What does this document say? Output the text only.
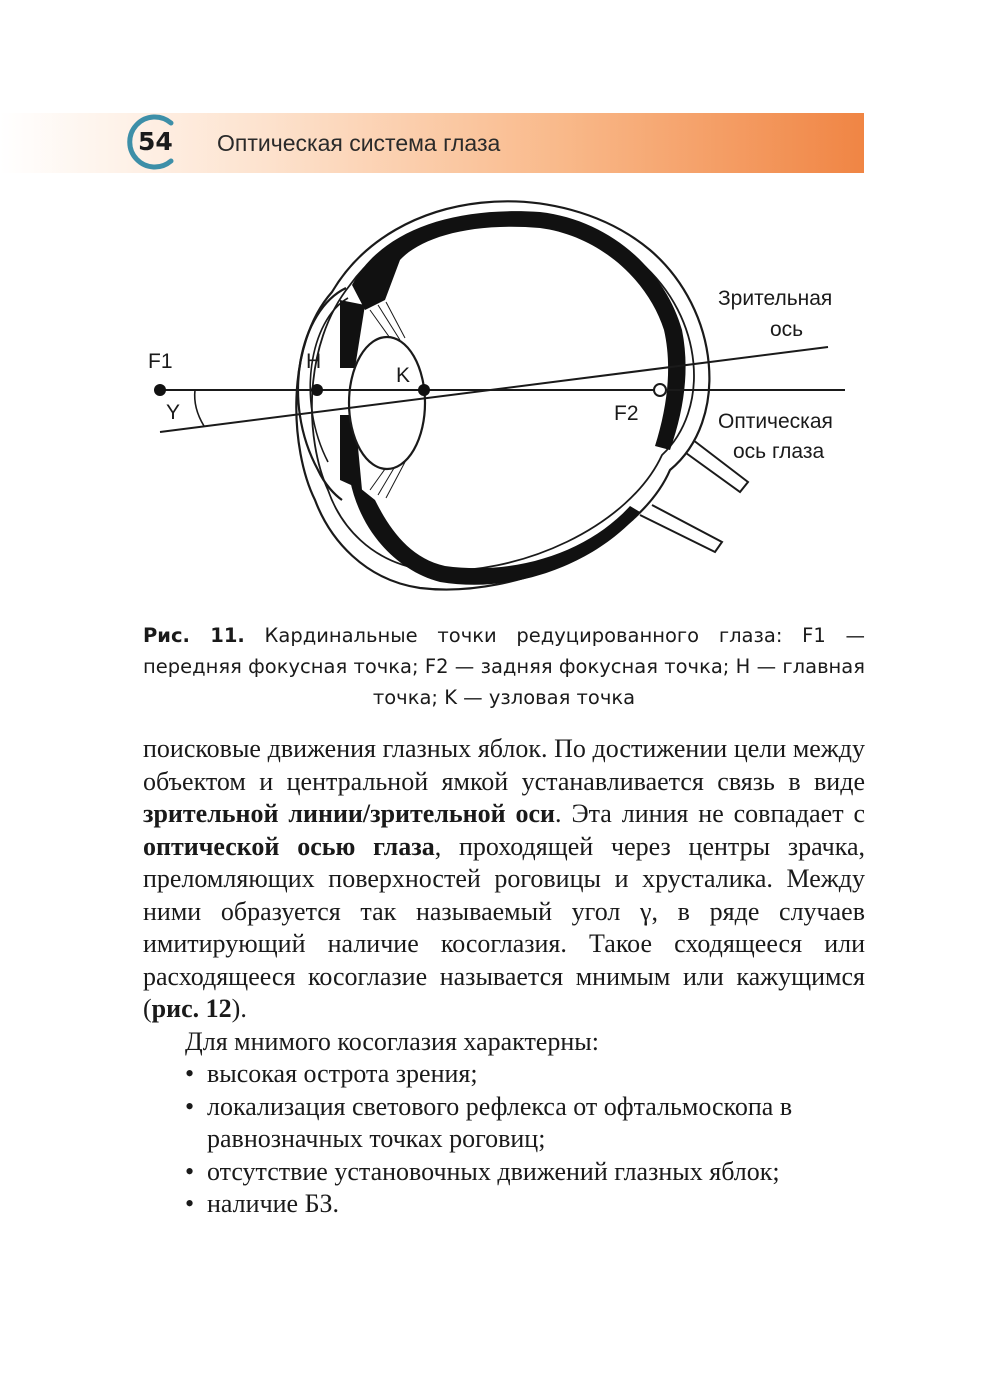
54	Оптическая система глаза
F1
Y
H
K
F2
Зрительная
ось
Оптическая
ось глаза
Рис. 11. Кардинальные точки редуцированного глаза: F1 — передняя фокусная точка; F2 — задняя фокусная точка; H — главная точка; K — узловая точка

поисковые движения глазных яблок. По достижении цели между объектом и центральной ямкой устанавливается связь в виде зрительной линии/зрительной оси. Эта линия не совпадает с оптической осью глаза, проходящей через центры зрачка, преломляющих поверхностей роговицы и хрусталика. Между ними образуется так называемый угол γ, в ряде случаев имитирующий наличие косоглазия. Такое сходящееся или расходящееся косоглазие называется мнимым или кажущимся (рис. 12).

Для мнимого косоглазия характерны:

• высокая острота зрения;
• локализация светового рефлекса от офтальмоскопа в равнозначных точках роговиц;
• отсутствие установочных движений глазных яблок;
• наличие БЗ.
